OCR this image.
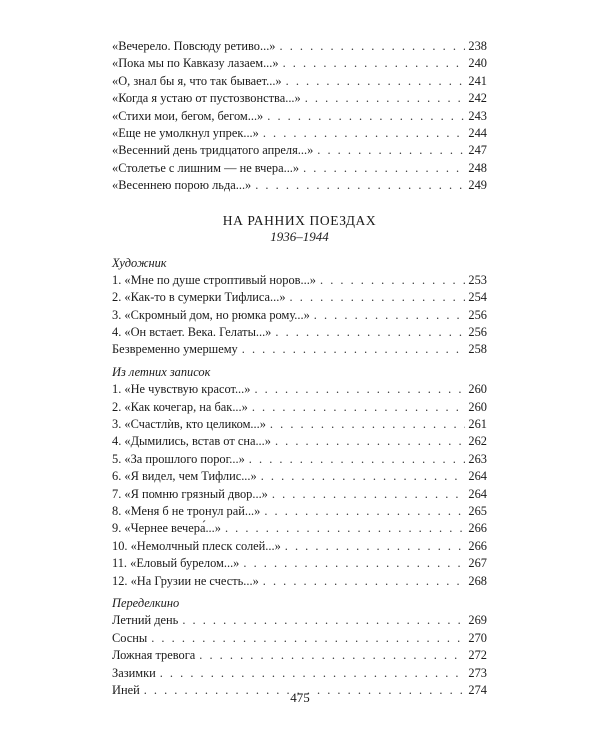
«Вечерело. Повсюду ретиво...» . . .	238
«Пока мы по Кавказу лазаем...» . . .	240
«О, знал бы я, что так бывает...» . . .	241
«Когда я устаю от пустозвонства...» . . .	242
«Стихи мои, бегом, бегом...» . . .	243
«Еще не умолкнул упрек...» . . .	244
«Весенний день тридцатого апреля...» . . .	247
«Столетье с лишним — не вчера...» . . .	248
«Весеннею порою льда...» . . .	249
НА РАННИХ ПОЕЗДАХ
1936–1944
Художник
1. «Мне по душе строптивый норов...» . . .	253
2. «Как-то в сумерки Тифлиса...» . . .	254
3. «Скромный дом, но рюмка рому...» . . .	256
4. «Он встает. Века. Гелаты...» . . .	256
Безвременно умершему . . .	258
Из летних записок
1. «Не чувствую красот...» . . .	260
2. «Как кочегар, на бак...» . . .	260
3. «Счастлѝв, кто целиком...» . . .	261
4. «Дымились, встав от сна...» . . .	262
5. «За прошлого порог...» . . .	263
6. «Я видел, чем Тифлис...» . . .	264
7. «Я помню грязный двор...» . . .	264
8. «Меня б не тронул рай...» . . .	265
9. «Чернее вечера́...» . . .	266
10. «Немолчный плеск солей...» . . .	266
11. «Еловый бурелом...» . . .	267
12. «На Грузии не счесть...» . . .	268
Переделкино
Летний день . . .	269
Сосны . . .	270
Ложная тревога . . .	272
Зазимки . . .	273
Иней . . .	274
475
